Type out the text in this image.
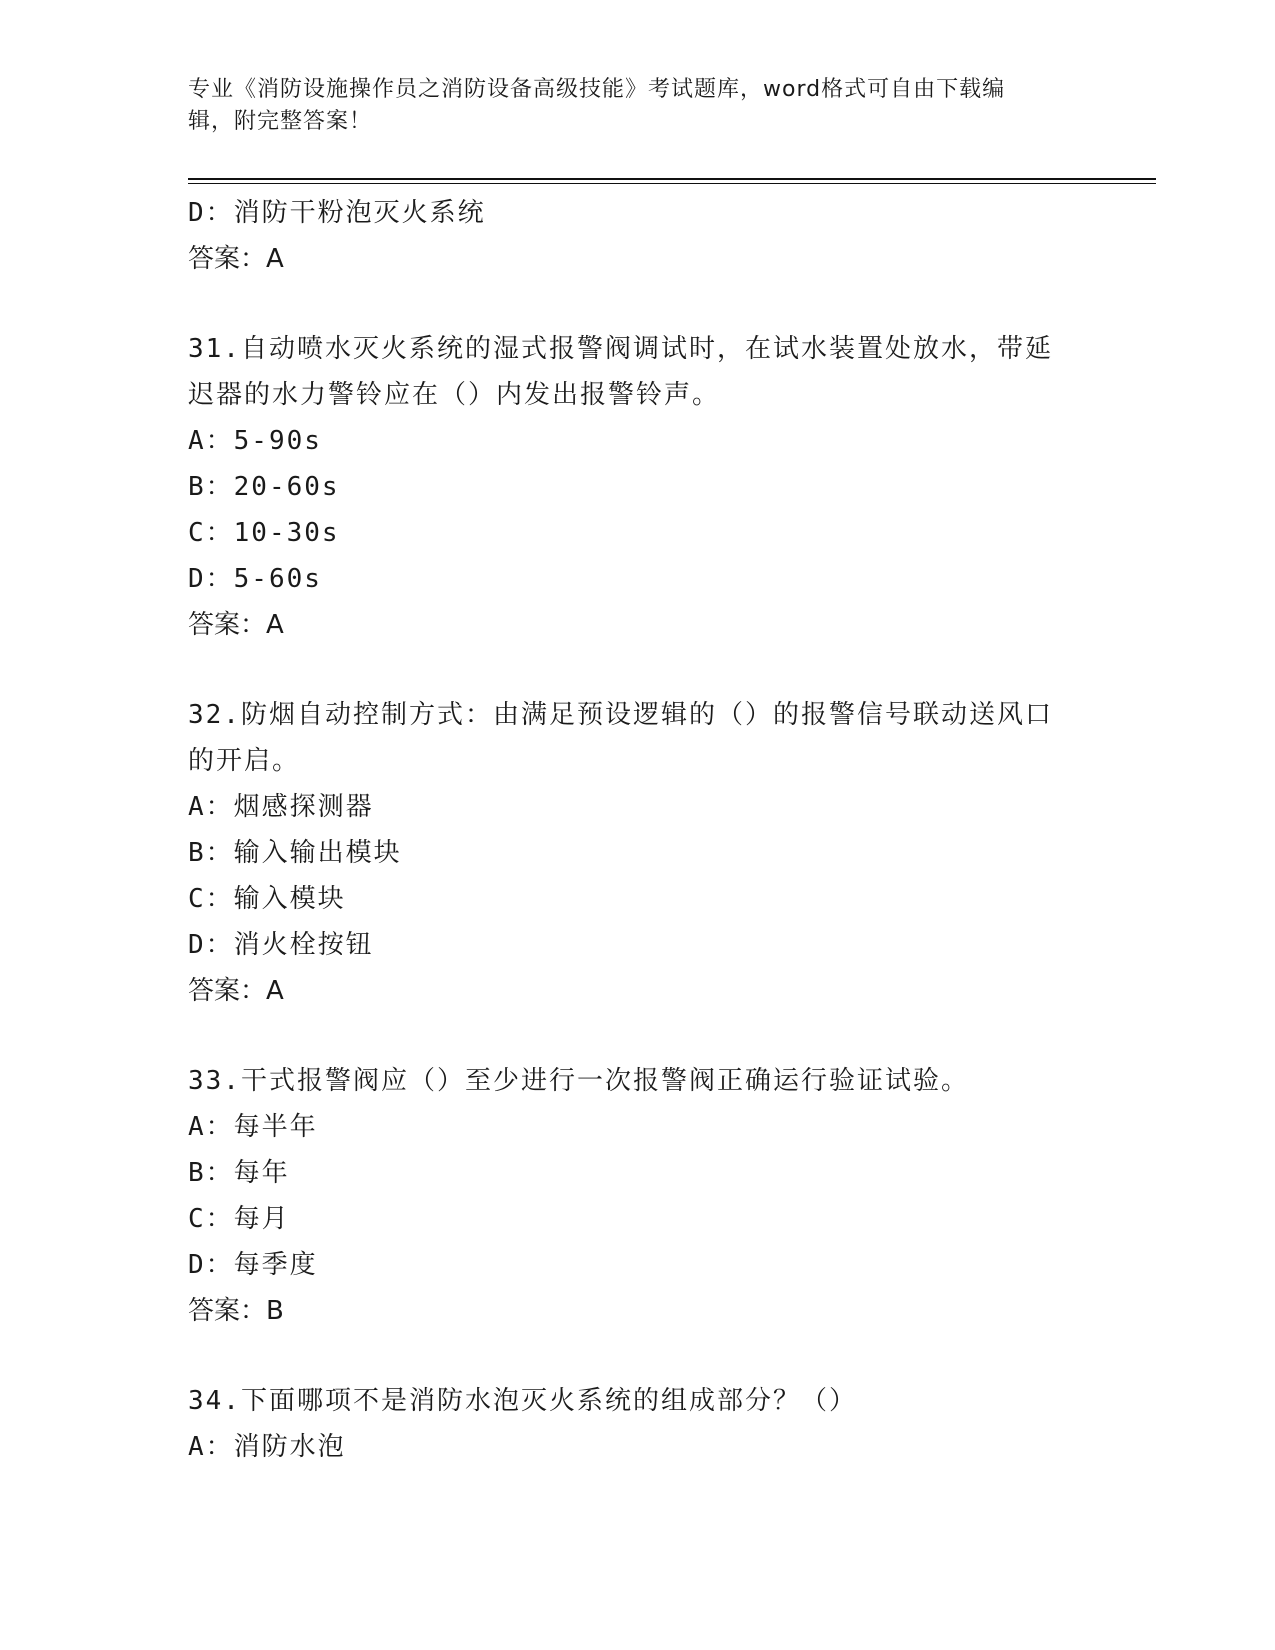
专业《消防设施操作员之消防设备高级技能》考试题库，word格式可自由下载编
辑，附完整答案！
D：消防干粉泡灭火系统
答案：A
31.自动喷水灭火系统的湿式报警阀调试时，在试水装置处放水，带延
迟器的水力警铃应在（）内发出报警铃声。
A：5-90s
B：20-60s
C：10-30s
D：5-60s
答案：A
32.防烟自动控制方式：由满足预设逻辑的（）的报警信号联动送风口
的开启。
A：烟感探测器
B：输入输出模块
C：输入模块
D：消火栓按钮
答案：A
33.干式报警阀应（）至少进行一次报警阀正确运行验证试验。
A：每半年
B：每年
C：每月
D：每季度
答案：B
34.下面哪项不是消防水泡灭火系统的组成部分？（）
A：消防水泡
